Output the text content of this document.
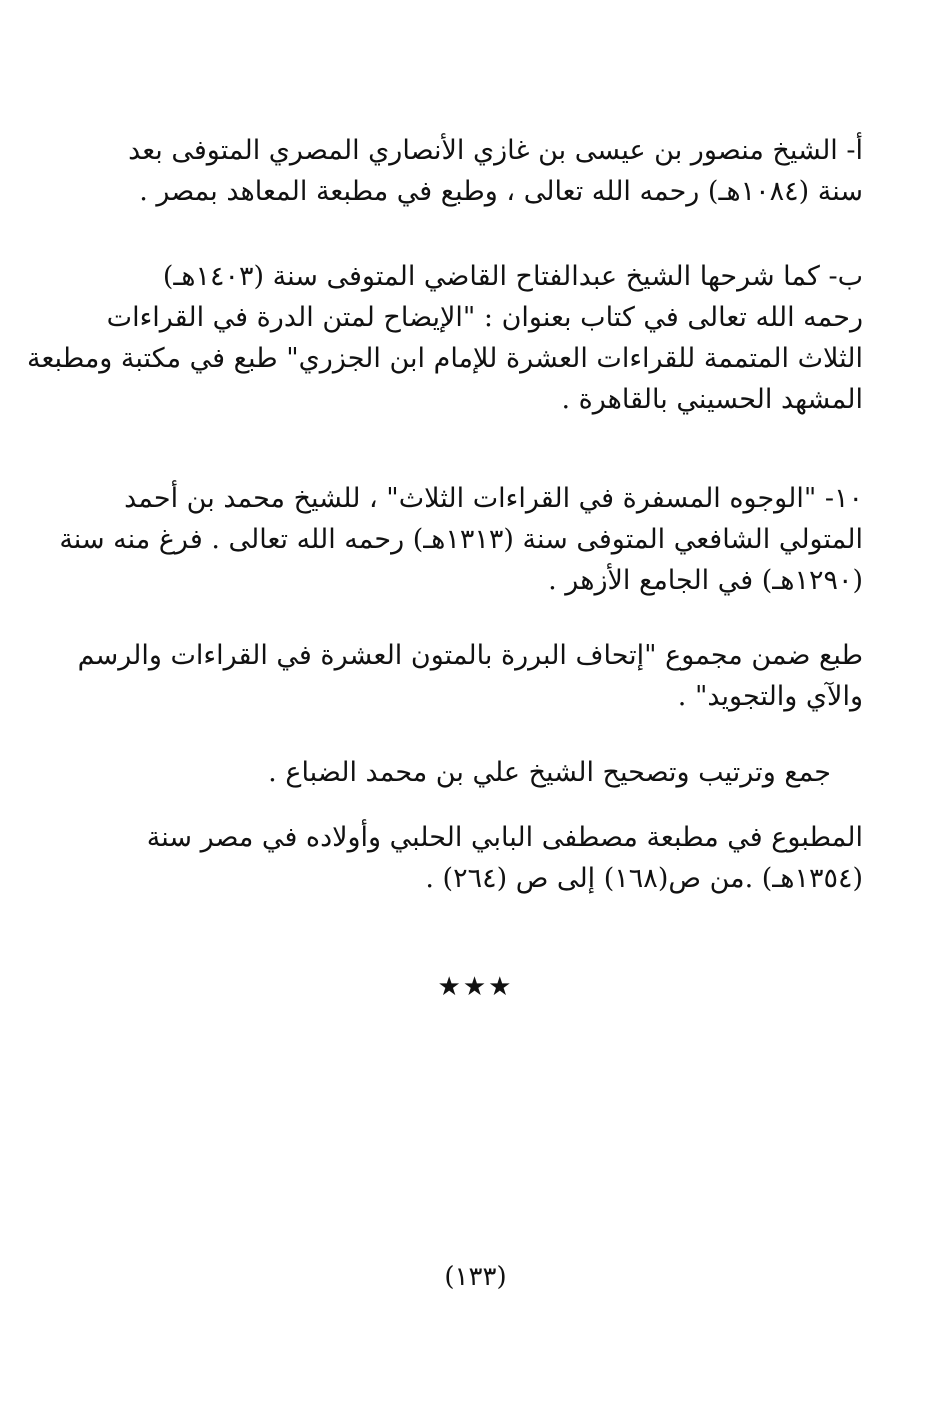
أ- الشيخ منصور بن عيسى بن غازي الأنصاري المصري المتوفى بعد
سنة (١٠٨٤هـ) رحمه الله تعالى ، وطبع في مطبعة المعاهد بمصر .
ب- كما شرحها الشيخ عبدالفتاح القاضي المتوفى سنة (١٤٠٣هـ)
رحمه الله تعالى في كتاب بعنوان : "الإيضاح لمتن الدرة في القراءات
الثلاث المتممة للقراءات العشرة للإمام ابن الجزري" طبع في مكتبة ومطبعة
المشهد الحسيني بالقاهرة .
١٠- "الوجوه المسفرة في القراءات الثلاث" ، للشيخ محمد بن أحمد
المتولي الشافعي المتوفى سنة (١٣١٣هـ) رحمه الله تعالى . فرغ منه سنة
(١٢٩٠هـ) في الجامع الأزهر .
طبع ضمن مجموع "إتحاف البررة بالمتون العشرة في القراءات والرسم
والآي والتجويد" .
جمع وترتيب وتصحيح الشيخ علي بن محمد الضباع .
المطبوع في مطبعة مصطفى البابي الحلبي وأولاده في مصر سنة
(١٣٥٤هـ) .من ص(١٦٨) إلى ص (٢٦٤) .
★★★
(١٣٣)
